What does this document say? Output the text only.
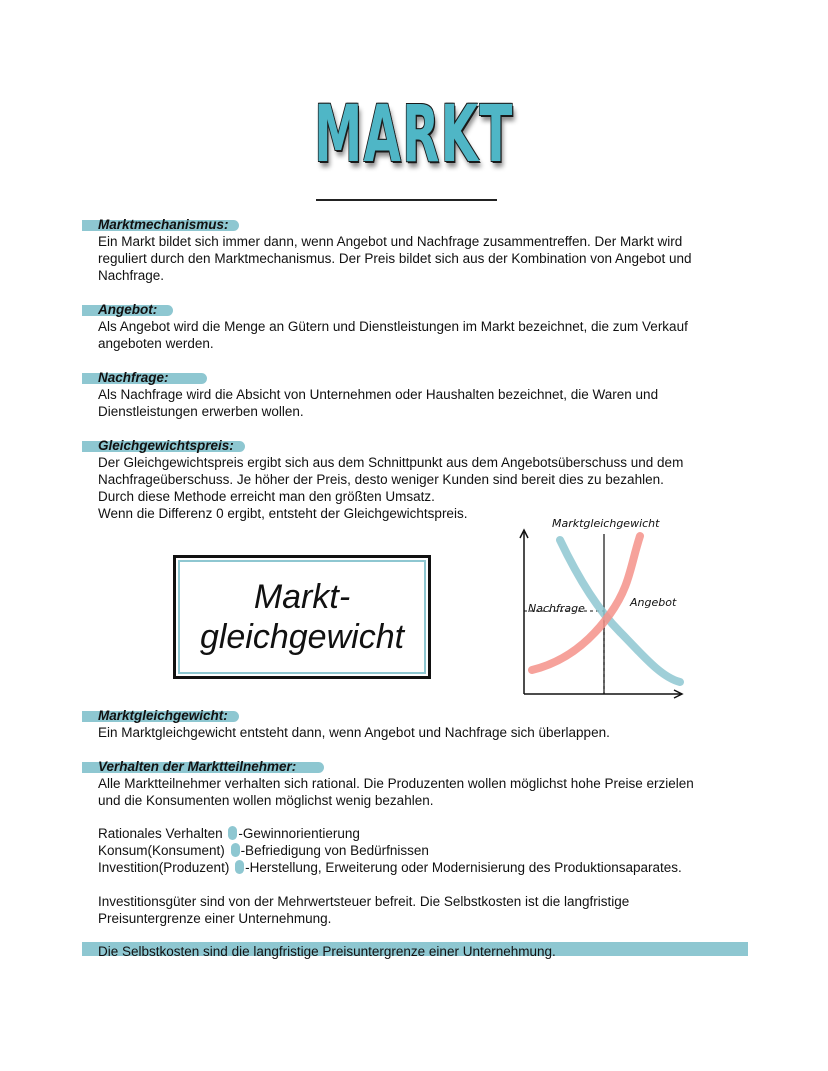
MARKT

Marktmechanismus:

Ein Markt bildet sich immer dann, wenn Angebot und Nachfrage zusammentreffen. Der Markt wird

reguliert durch den Marktmechanismus. Der Preis bildet sich aus der Kombination von Angebot und

Nachfrage.

Angebot:

Als Angebot wird die Menge an Gütern und Dienstleistungen im Markt bezeichnet, die zum Verkauf

angeboten werden.

Nachfrage:

Als Nachfrage wird die Absicht von Unternehmen oder Haushalten bezeichnet, die Waren und

Dienstleistungen erwerben wollen.

Gleichgewichtspreis:

Der Gleichgewichtspreis ergibt sich aus dem Schnittpunkt aus dem Angebotsüberschuss und dem

Nachfrageüberschuss. Je höher der Preis, desto weniger Kunden sind bereit dies zu bezahlen.

Durch diese Methode erreicht man den größten Umsatz.

Wenn die Differenz 0 ergibt, entsteht der Gleichgewichtspreis.

Markt-
gleichgewicht
Marktgleichgewicht
Nachfrage	Angebot

Marktgleichgewicht:

Ein Marktgleichgewicht entsteht dann, wenn Angebot und Nachfrage sich überlappen.

Verhalten der Marktteilnehmer:

Alle Marktteilnehmer verhalten sich rational. Die Produzenten wollen möglichst hohe Preise erzielen

und die Konsumenten wollen möglichst wenig bezahlen.

Rationales Verhalten -Gewinnorientierung

Konsum(Konsument) -Befriedigung von Bedürfnissen

Investition(Produzent) -Herstellung, Erweiterung oder Modernisierung des Produktionsaparates.

Investitionsgüter sind von der Mehrwertsteuer befreit. Die Selbstkosten ist die langfristige

Preisuntergrenze einer Unternehmung.

Die Selbstkosten sind die langfristige Preisuntergrenze einer Unternehmung.
